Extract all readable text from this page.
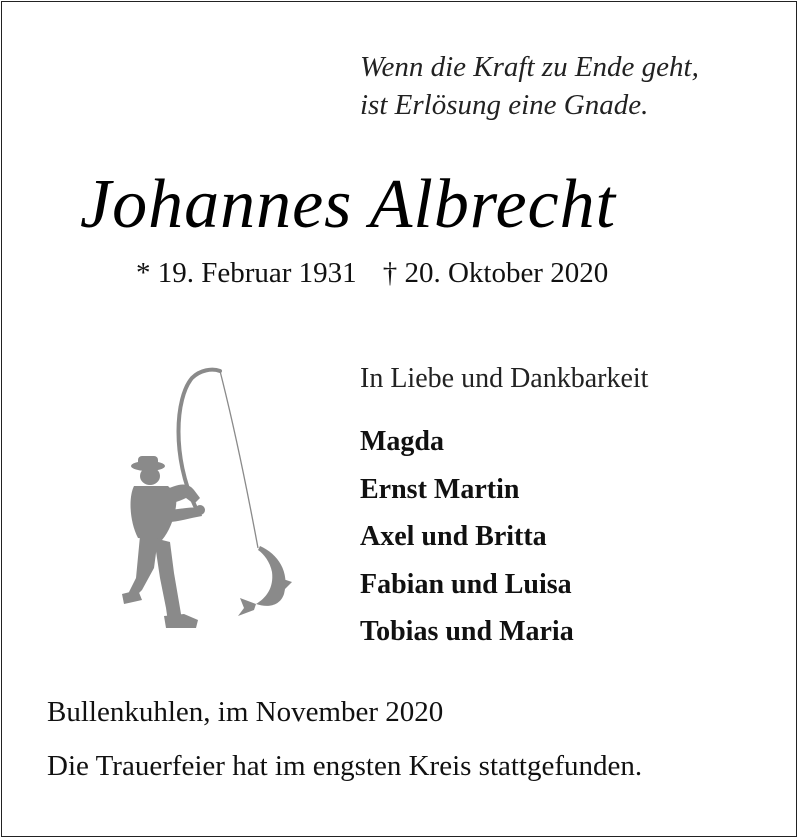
Wenn die Kraft zu Ende geht,
ist Erlösung eine Gnade.
Johannes Albrecht
* 19. Februar 1931 † 20. Oktober 2020
In Liebe und Dankbarkeit
Magda
Ernst Martin
Axel und Britta
Fabian und Luisa
Tobias und Maria
Bullenkuhlen, im November 2020
Die Trauerfeier hat im engsten Kreis stattgefunden.
